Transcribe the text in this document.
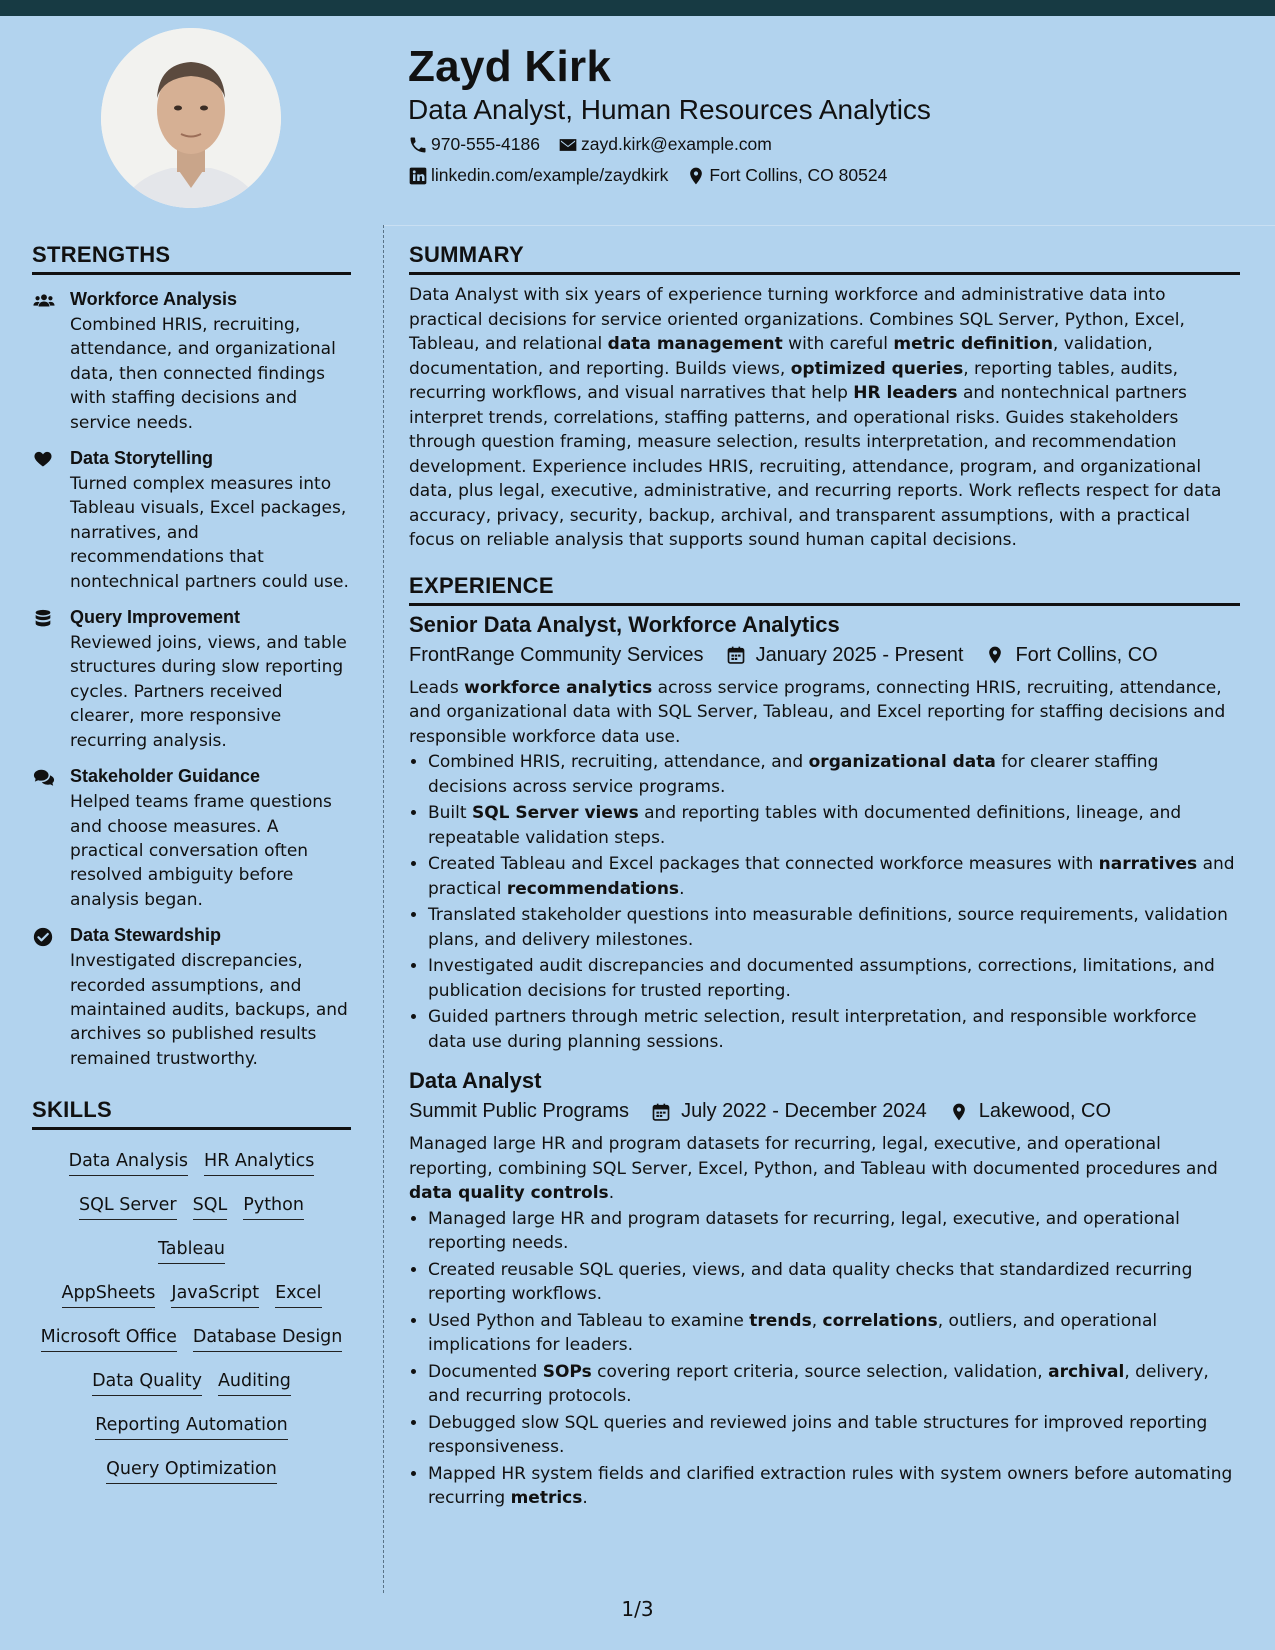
Zayd Kirk
Data Analyst, Human Resources Analytics
970-555-4186 zayd.kirk@example.com
linkedin.com/example/zaydkirk Fort Collins, CO 80524
STRENGTHS
Workforce Analysis
Combined HRIS, recruiting, attendance, and organizational data, then connected findings with staffing decisions and service needs.
Data Storytelling
Turned complex measures into Tableau visuals, Excel packages, narratives, and recommendations that nontechnical partners could use.
Query Improvement
Reviewed joins, views, and table structures during slow reporting cycles. Partners received clearer, more responsive recurring analysis.
Stakeholder Guidance
Helped teams frame questions and choose measures. A practical conversation often resolved ambiguity before analysis began.
Data Stewardship
Investigated discrepancies, recorded assumptions, and maintained audits, backups, and archives so published results remained trustworthy.
SKILLS
Data Analysis HR Analytics
SQL Server SQL Python
Tableau
AppSheets JavaScript Excel
Microsoft Office Database Design
Data Quality Auditing
Reporting Automation
Query Optimization
SUMMARY

Data Analyst with six years of experience turning workforce and administrative data into practical decisions for service oriented organizations. Combines SQL Server, Python, Excel, Tableau, and relational data management with careful metric definition, validation, documentation, and reporting. Builds views, optimized queries, reporting tables, audits, recurring workflows, and visual narratives that help HR leaders and nontechnical partners interpret trends, correlations, staffing patterns, and operational risks. Guides stakeholders through question framing, measure selection, results interpretation, and recommendation development. Experience includes HRIS, recruiting, attendance, program, and organizational data, plus legal, executive, administrative, and recurring reports. Work reflects respect for data accuracy, privacy, security, backup, archival, and transparent assumptions, with a practical focus on reliable analysis that supports sound human capital decisions.

EXPERIENCE
Senior Data Analyst, Workforce Analytics
FrontRange Community Services	January 2025 - Present	Fort Collins, CO
Leads workforce analytics across service programs, connecting HRIS, recruiting, attendance, and organizational data with SQL Server, Tableau, and Excel reporting for staffing decisions and responsible workforce data use.
• Combined HRIS, recruiting, attendance, and organizational data for clearer staffing decisions across service programs.
• Built SQL Server views and reporting tables with documented definitions, lineage, and repeatable validation steps.
• Created Tableau and Excel packages that connected workforce measures with narratives and practical recommendations.
• Translated stakeholder questions into measurable definitions, source requirements, validation plans, and delivery milestones.
• Investigated audit discrepancies and documented assumptions, corrections, limitations, and publication decisions for trusted reporting.
• Guided partners through metric selection, result interpretation, and responsible workforce data use during planning sessions.
Data Analyst
Summit Public Programs	July 2022 - December 2024	Lakewood, CO
Managed large HR and program datasets for recurring, legal, executive, and operational reporting, combining SQL Server, Excel, Python, and Tableau with documented procedures and data quality controls.
• Managed large HR and program datasets for recurring, legal, executive, and operational reporting needs.
• Created reusable SQL queries, views, and data quality checks that standardized recurring reporting workflows.
• Used Python and Tableau to examine trends, correlations, outliers, and operational implications for leaders.
• Documented SOPs covering report criteria, source selection, validation, archival, delivery, and recurring protocols.
• Debugged slow SQL queries and reviewed joins and table structures for improved reporting responsiveness.
• Mapped HR system fields and clarified extraction rules with system owners before automating recurring metrics.
1/3
